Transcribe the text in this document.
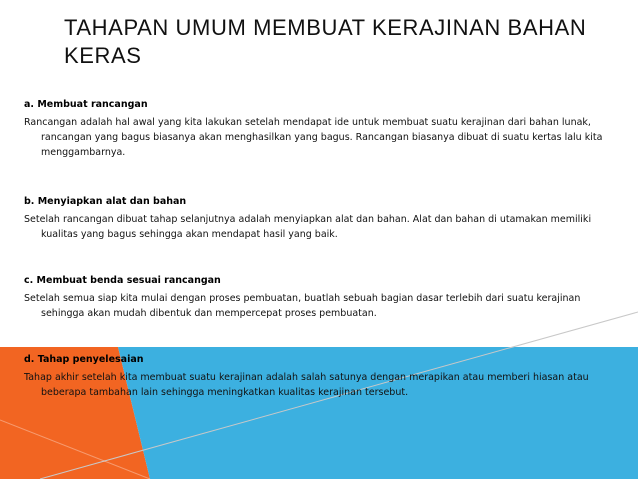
TAHAPAN UMUM MEMBUAT KERAJINAN BAHAN KERAS

a. Membuat rancangan

Rancangan adalah hal awal yang kita lakukan setelah mendapat ide untuk membuat suatu kerajinan dari bahan lunak, rancangan yang bagus biasanya akan menghasilkan yang bagus. Rancangan biasanya dibuat di suatu kertas lalu kita menggambarnya.

b. Menyiapkan alat dan bahan

Setelah rancangan dibuat tahap selanjutnya adalah menyiapkan alat dan bahan. Alat dan bahan di utamakan memiliki kualitas yang bagus sehingga akan mendapat hasil yang baik.

c. Membuat benda sesuai rancangan

Setelah semua siap kita mulai dengan proses pembuatan, buatlah sebuah bagian dasar terlebih dari suatu kerajinan sehingga akan mudah dibentuk dan mempercepat proses pembuatan.

d. Tahap penyelesaian

Tahap akhir setelah kita membuat suatu kerajinan adalah salah satunya dengan merapikan atau memberi hiasan atau beberapa tambahan lain sehingga meningkatkan kualitas kerajinan tersebut.
